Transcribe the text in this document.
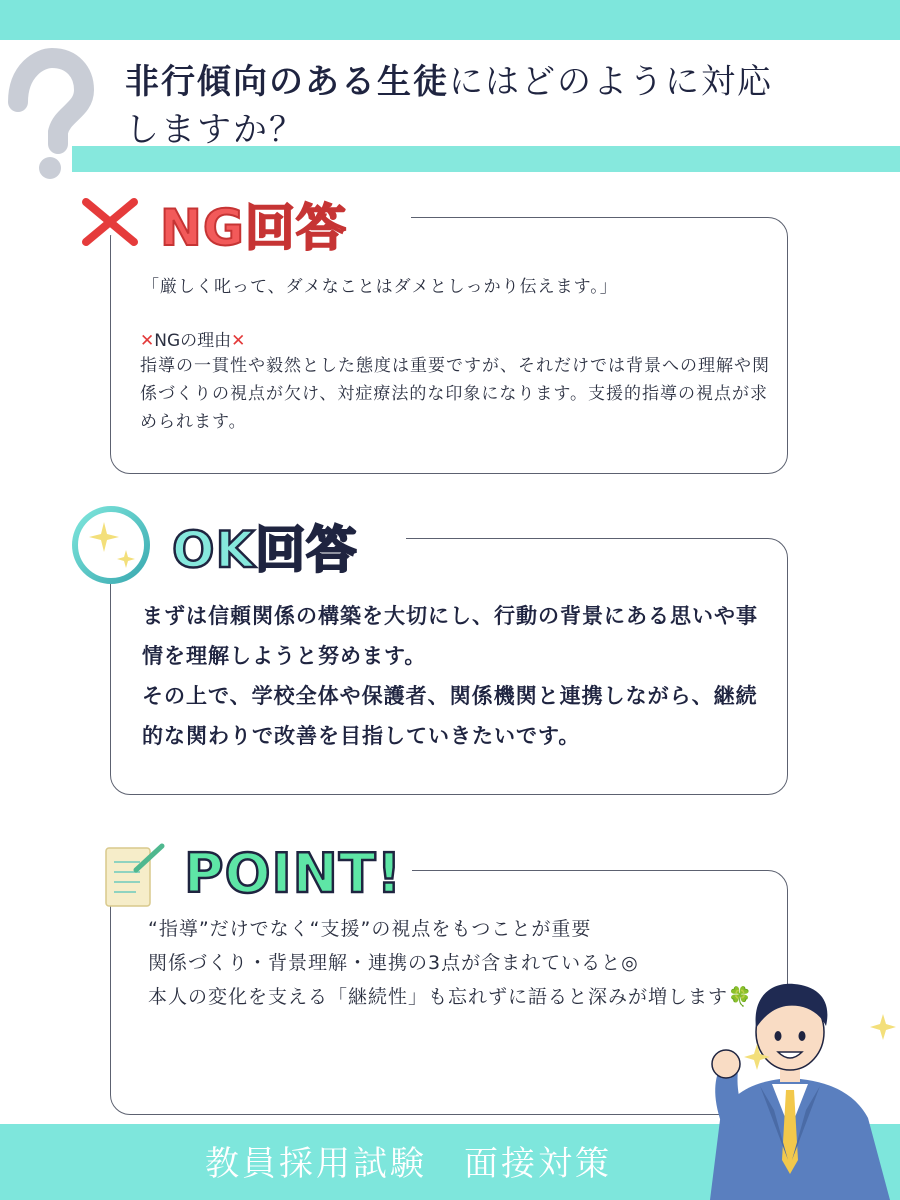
非行傾向のある生徒にはどのように対応
しますか？
NG回答
「厳しく叱って、ダメなことはダメとしっかり伝えます。」
✕NGの理由✕
指導の一貫性や毅然とした態度は重要ですが、それだけでは背景への理解や関係づくりの視点が欠け、対症療法的な印象になります。支援的指導の視点が求められます。
OK回答
まずは信頼関係の構築を大切にし、行動の背景にある思いや事情を理解しようと努めます。
その上で、学校全体や保護者、関係機関と連携しながら、継続的な関わりで改善を目指していきたいです。
POINT!
“指導”だけでなく“支援”の視点をもつことが重要
関係づくり・背景理解・連携の3点が含まれていると◎
本人の変化を支える「継続性」も忘れずに語ると深みが増します🍀
教員採用試験　面接対策
